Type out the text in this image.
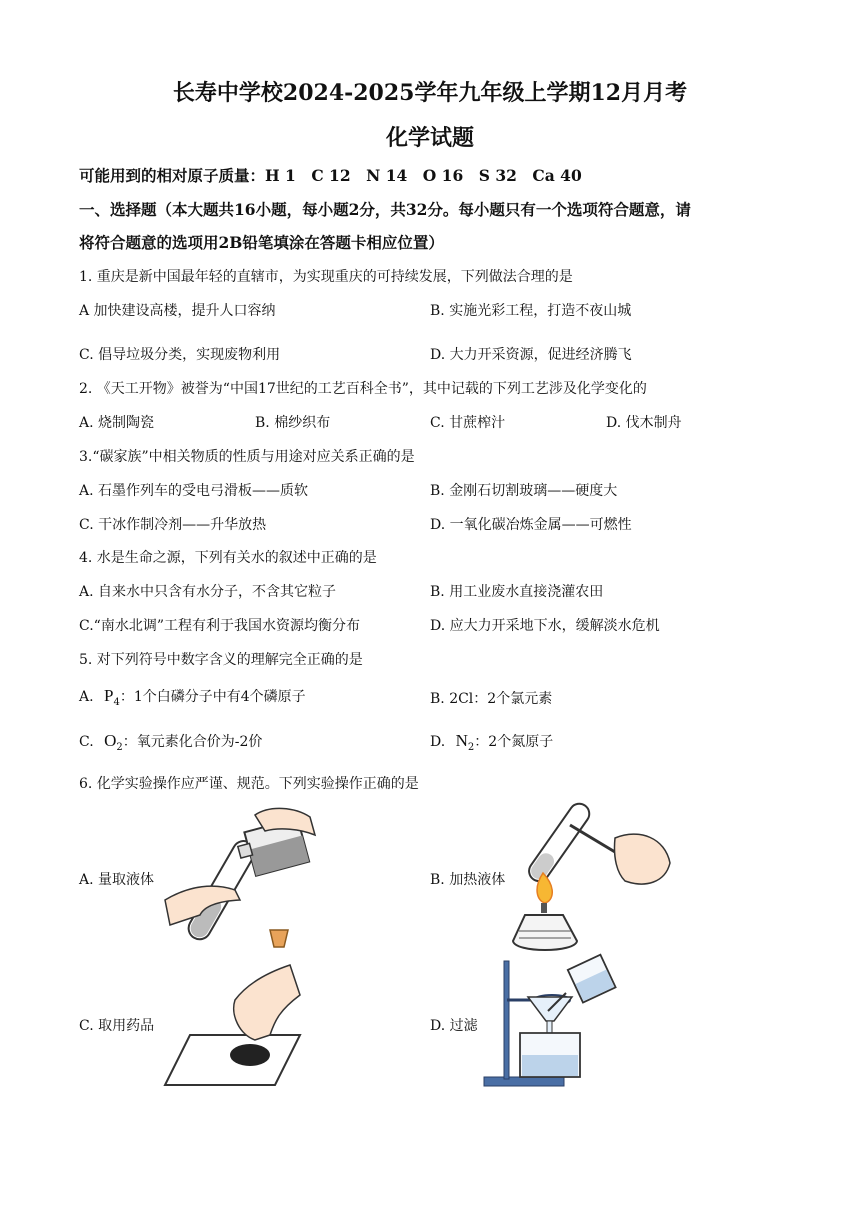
长寿中学校2024-2025学年九年级上学期12月月考
化学试题
可能用到的相对原子质量：H 1　C 12　N 14　O 16　S 32　Ca 40
一、选择题（本大题共16小题，每小题2分，共32分。每小题只有一个选项符合题意，请
将符合题意的选项用2B铅笔填涂在答题卡相应位置）
1. 重庆是新中国最年轻的直辖市，为实现重庆的可持续发展，下列做法合理的是
A 加快建设高楼，提升人口容纳	B. 实施光彩工程，打造不夜山城
C. 倡导垃圾分类，实现废物利用	D. 大力开采资源，促进经济腾飞
2. 《天工开物》被誉为“中国17世纪的工艺百科全书”，其中记载的下列工艺涉及化学变化的
A. 烧制陶瓷	B. 棉纱织布	C. 甘蔗榨汁	D. 伐木制舟
3.“碳家族”中相关物质的性质与用途对应关系正确的是
A. 石墨作列车的受电弓滑板——质软	B. 金刚石切割玻璃——硬度大
C. 干冰作制冷剂——升华放热	D. 一氧化碳冶炼金属——可燃性
4. 水是生命之源，下列有关水的叙述中正确的是
A. 自来水中只含有水分子，不含其它粒子	B. 用工业废水直接浇灌农田
C.“南水北调”工程有利于我国水资源均衡分布	D. 应大力开采地下水，缓解淡水危机
5. 对下列符号中数字含义的理解完全正确的是
A. $P_4$：1个白磷分子中有4个磷原子	B. 2Cl：2个氯元素
C. $O_2$：氧元素化合价为-2价	D. $N_2$：2个氮原子
6. 化学实验操作应严谨、规范。下列实验操作正确的是
A. 量取液体	B. 加热液体
C. 取用药品	D. 过滤
